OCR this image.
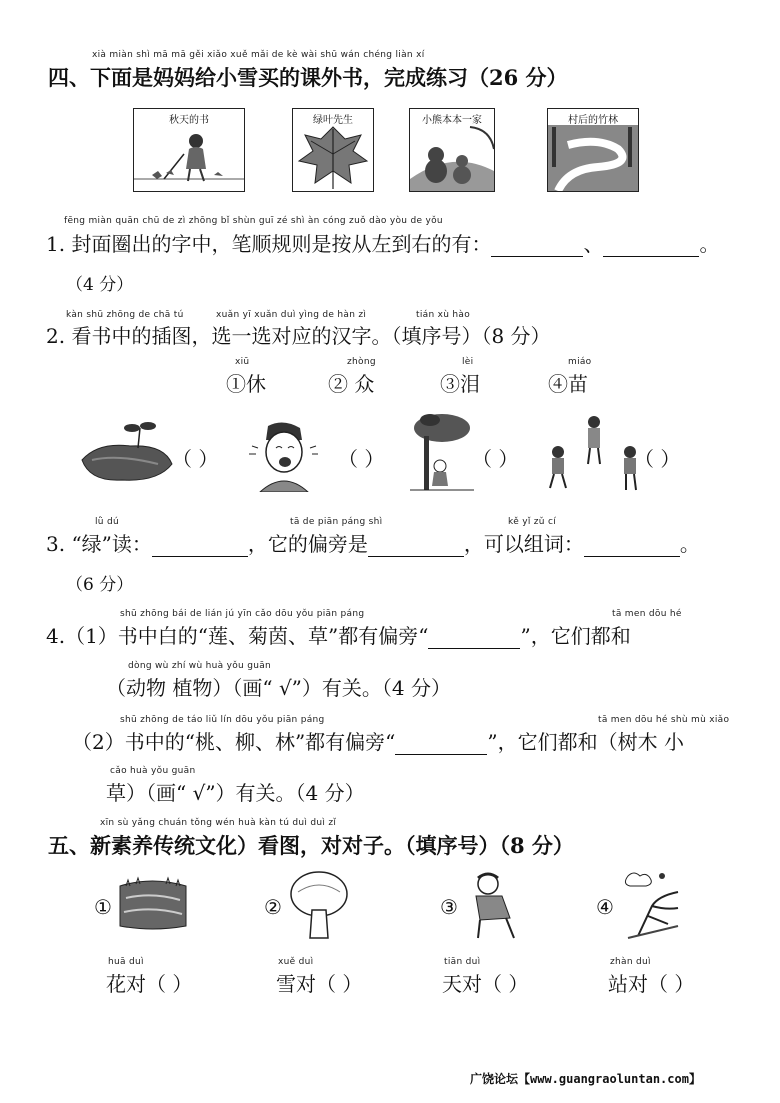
xià miàn shì mā mā gěi xiǎo xuě mǎi de kè wài shū wán chéng liàn xí
四、下面是妈妈给小雪买的课外书，完成练习（26 分）
秋天的书	绿叶先生	小熊本本一家	村后的竹林
fēng miàn quān chū de zì zhōng bǐ shùn guī zé shì àn cóng zuǒ dào yòu de yǒu
1. 封面圈出的字中，笔顺规则是按从左到右的有：	、	。
（4 分）
kàn shū zhōng de chā tú	xuǎn yī xuǎn duì yìng de hàn zì	tián xù hào
2. 看书中的插图，选一选对应的汉字。（填序号）（8 分）
xiū
①休
zhòng
② 众
lèi
③泪
miáo
④苗
（ ）	（ ）	（ ）	（ ）
lǜ dú	tā de piān páng shì	kě yǐ zǔ cí
3. “绿”读：	，它的偏旁是	，可以组词：	。
（6 分）
shū zhōng bái de lián jú yīn cǎo dōu yǒu piān páng	tā men dōu hé
4.（1）书中白的“莲、菊茵、草”都有偏旁“	”，它们都和
dòng wù zhí wù huà yǒu guān
（动物 植物）（画“ √”）有关。（4 分）
shū zhōng de táo liǔ lín dōu yǒu piān páng	tā men dōu hé shù mù xiǎo
（2）书中的“桃、柳、林”都有偏旁“	”，它们都和（树木 小
cǎo huà yǒu guān
草）（画“ √”）有关。（4 分）
xīn sù yǎng chuán tǒng wén huà kàn tú duì duì zǐ
五、新素养传统文化）看图，对对子。（填序号）（8 分）
①	②	③	④
huā duì
花对（ ）
xuě duì
雪对（ ）
tiān duì
天对（ ）
zhàn duì
站对（ ）
广饶论坛【www.guangraoluntan.com】
